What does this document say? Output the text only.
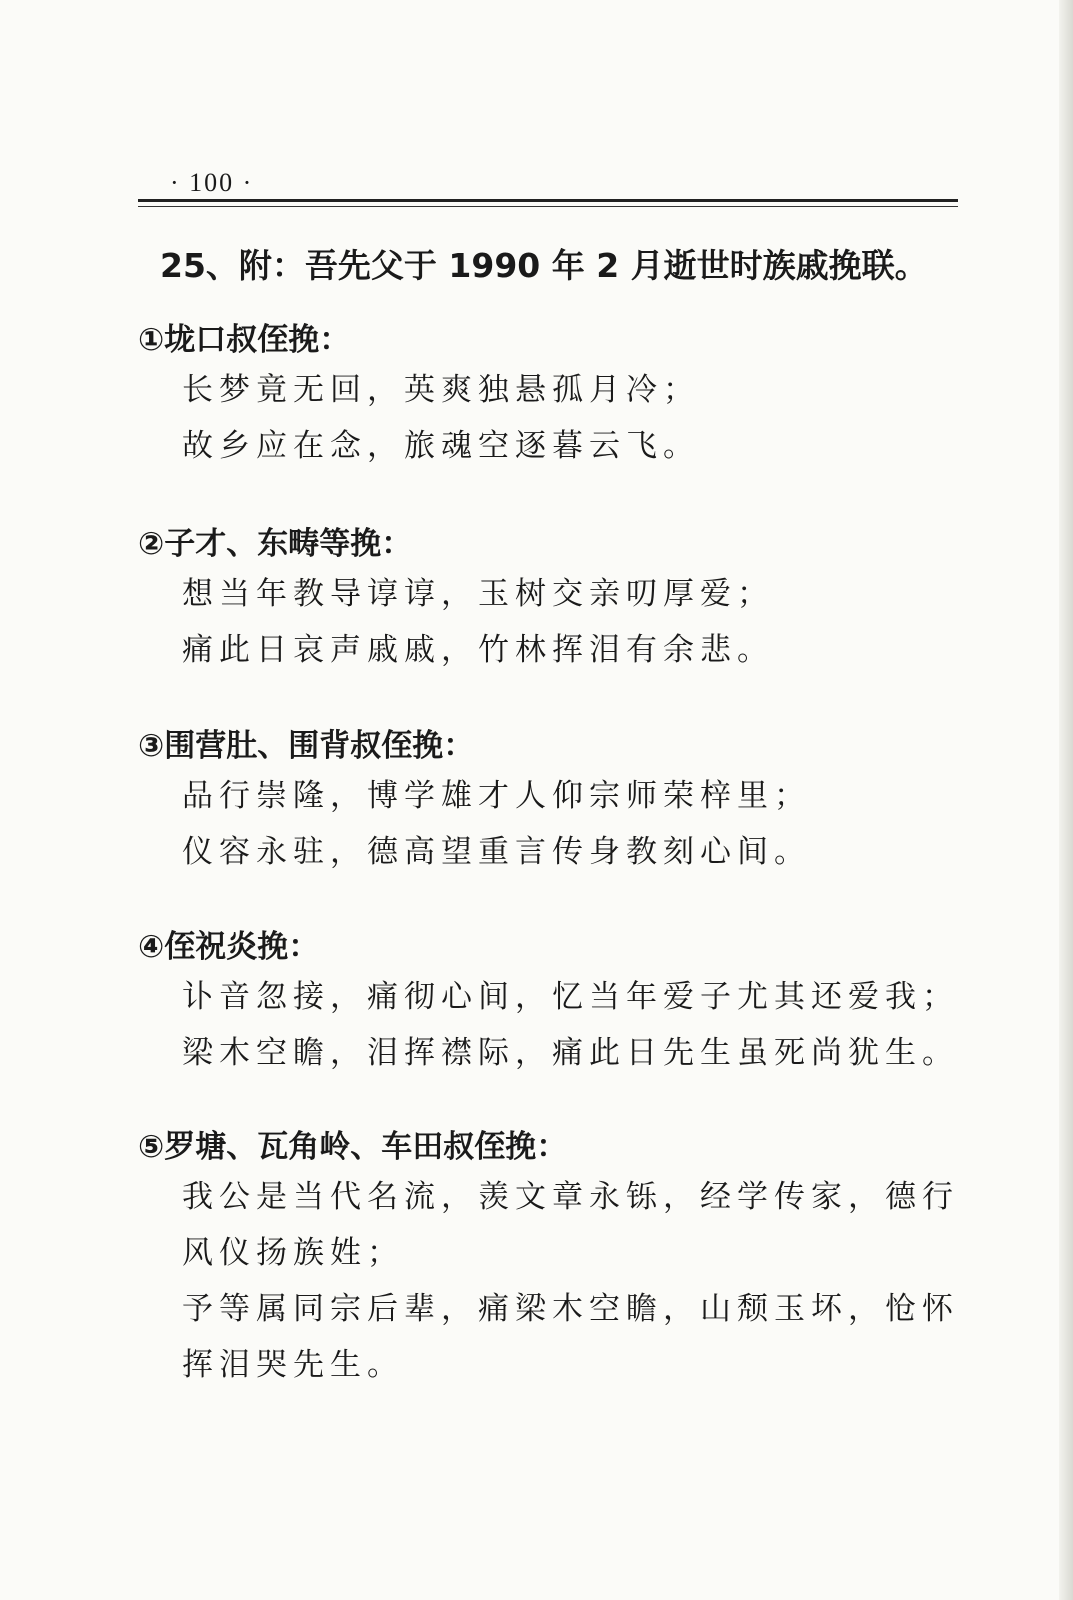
· 100 ·
25、附：吾先父于 1990 年 2 月逝世时族戚挽联。
①垅口叔侄挽：
长梦竟无回，英爽独悬孤月冷；
故乡应在念，旅魂空逐暮云飞。
②子才、东畴等挽：
想当年教导谆谆，玉树交亲叨厚爱；
痛此日哀声戚戚，竹林挥泪有余悲。
③围营肚、围背叔侄挽：
品行崇隆，博学雄才人仰宗师荣梓里；
仪容永驻，德高望重言传身教刻心间。
④侄祝炎挽：
讣音忽接，痛彻心间，忆当年爱子尤其还爱我；
梁木空瞻，泪挥襟际，痛此日先生虽死尚犹生。
⑤罗塘、瓦角岭、车田叔侄挽：
我公是当代名流，羡文章永铄，经学传家，德行风仪扬族姓；
予等属同宗后辈，痛梁木空瞻，山颓玉坏，怆怀挥泪哭先生。
